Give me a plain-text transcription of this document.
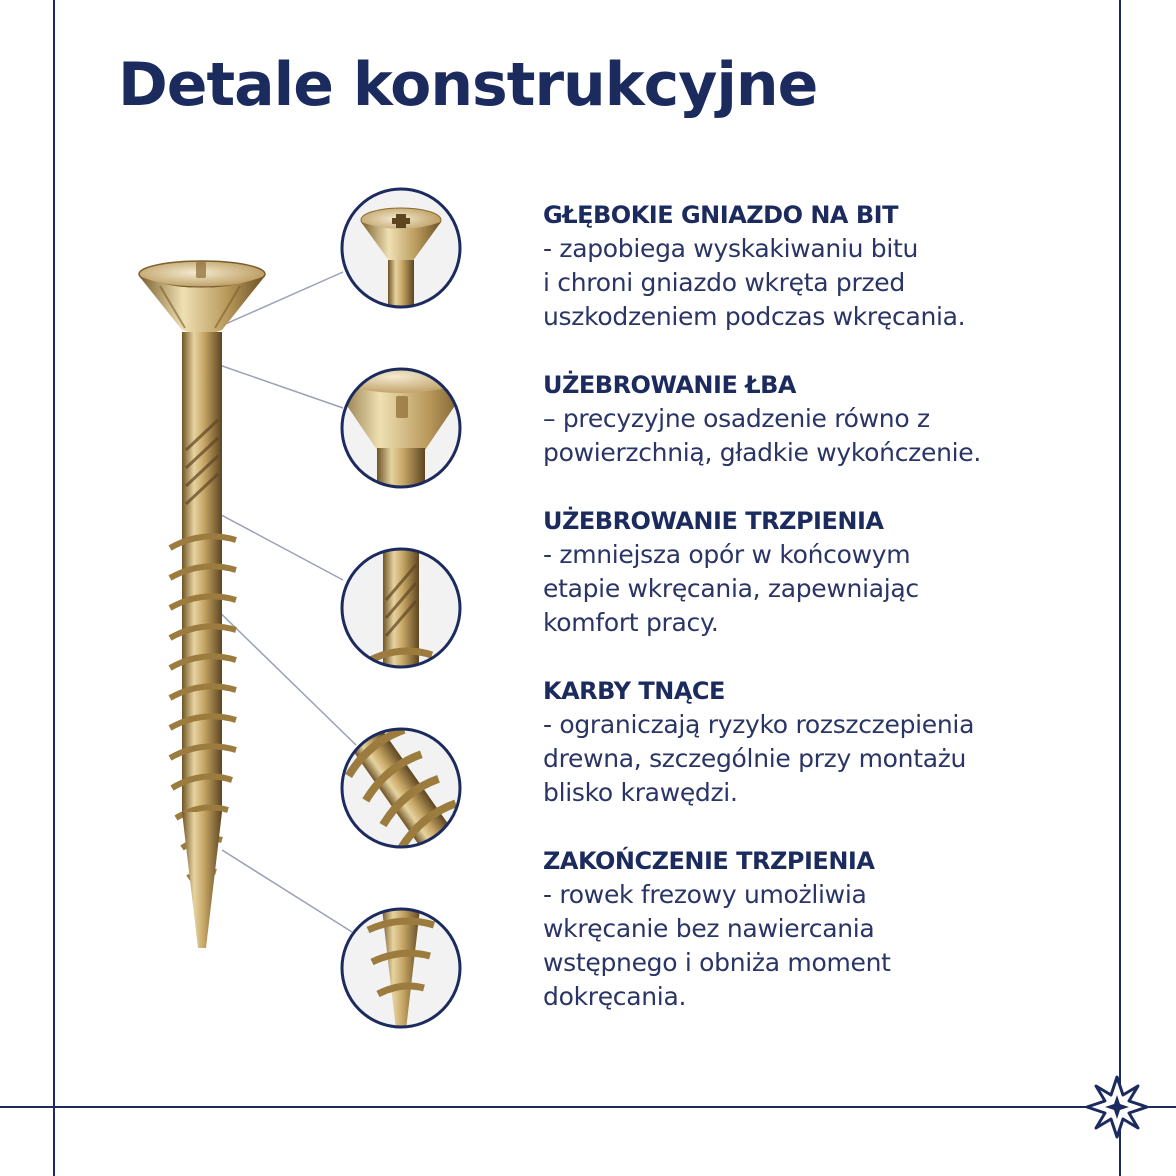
Detale konstrukcyjne

GŁĘBOKIE GNIAZDO NA BIT

- zapobiega wyskakiwaniu bitu
i chroni gniazdo wkręta przed
uszkodzeniem podczas wkręcania.

UŻEBROWANIE ŁBA

– precyzyjne osadzenie równo z
powierzchnią, gładkie wykończenie.

UŻEBROWANIE TRZPIENIA

- zmniejsza opór w końcowym
etapie wkręcania, zapewniając
komfort pracy.

KARBY TNĄCE

- ograniczają ryzyko rozszczepienia
drewna, szczególnie przy montażu
blisko krawędzi.

ZAKOŃCZENIE TRZPIENIA

- rowek frezowy umożliwia
wkręcanie bez nawiercania
wstępnego i obniża moment
dokręcania.
